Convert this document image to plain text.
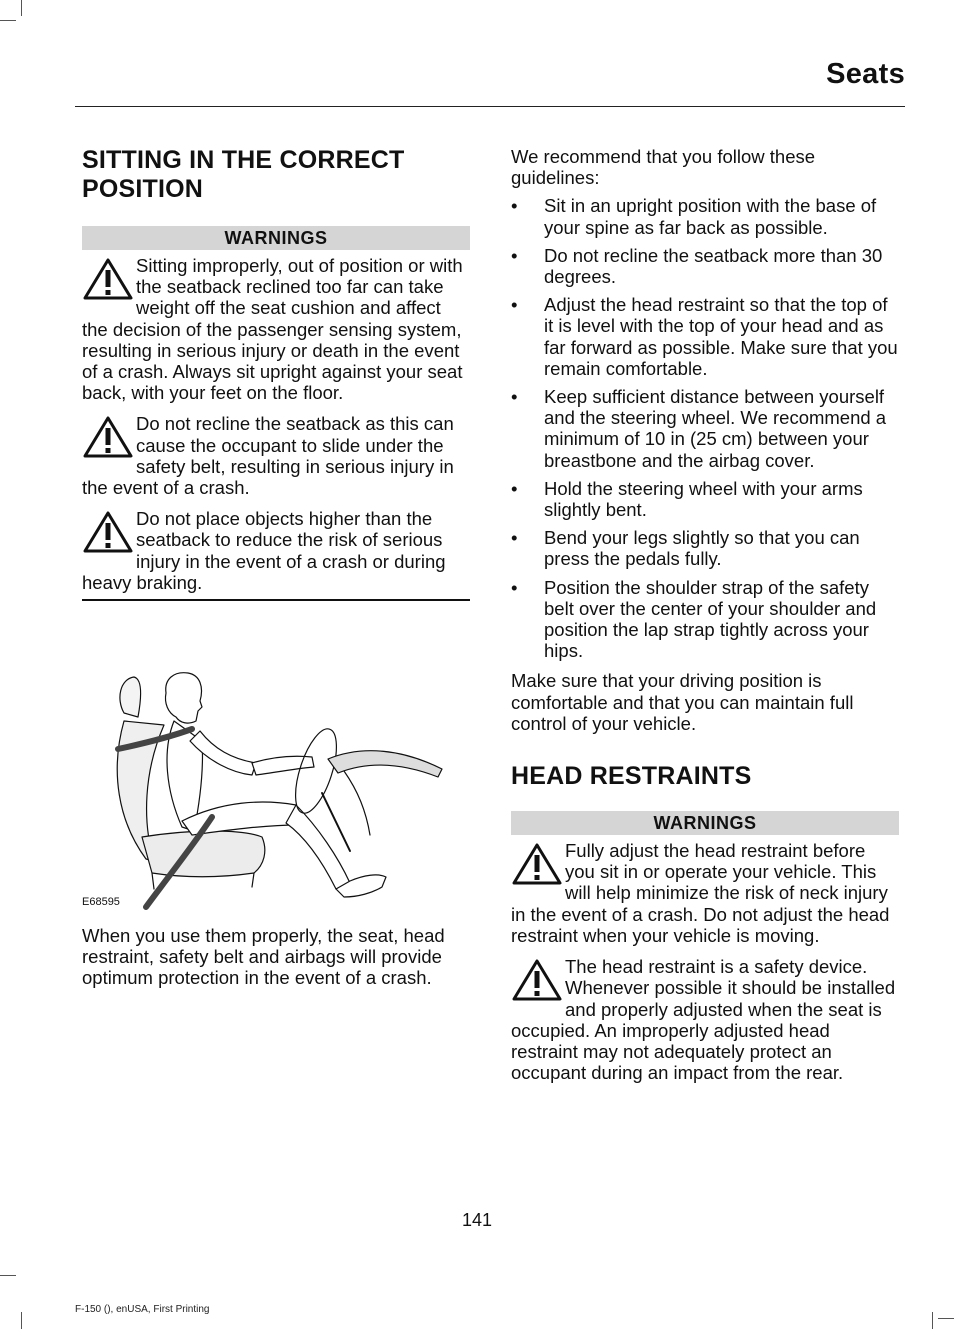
Seats
SITTING IN THE CORRECT POSITION
WARNINGS

Sitting improperly, out of position or with the seatback reclined too far can take weight off the seat cushion and affect the decision of the passenger sensing system, resulting in serious injury or death in the event of a crash. Always sit upright against your seat back, with your feet on the floor.

Do not recline the seatback as this can cause the occupant to slide under the safety belt, resulting in serious injury in the event of a crash.

Do not place objects higher than the seatback to reduce the risk of serious injury in the event of a crash or during heavy braking.

E68595

When you use them properly, the seat, head restraint, safety belt and airbags will provide optimum protection in the event of a crash.

We recommend that you follow these guidelines:

• Sit in an upright position with the base of your spine as far back as possible.
• Do not recline the seatback more than 30 degrees.
• Adjust the head restraint so that the top of it is level with the top of your head and as far forward as possible. Make sure that you remain comfortable.
• Keep sufficient distance between yourself and the steering wheel. We recommend a minimum of 10 in (25 cm) between your breastbone and the airbag cover.
• Hold the steering wheel with your arms slightly bent.
• Bend your legs slightly so that you can press the pedals fully.
• Position the shoulder strap of the safety belt over the center of your shoulder and position the lap strap tightly across your hips.

Make sure that your driving position is comfortable and that you can maintain full control of your vehicle.

HEAD RESTRAINTS
WARNINGS

Fully adjust the head restraint before you sit in or operate your vehicle. This will help minimize the risk of neck injury in the event of a crash. Do not adjust the head restraint when your vehicle is moving.

The head restraint is a safety device. Whenever possible it should be installed and properly adjusted when the seat is occupied. An improperly adjusted head restraint may not adequately protect an occupant during an impact from the rear.

141
F-150 (), enUSA, First Printing
